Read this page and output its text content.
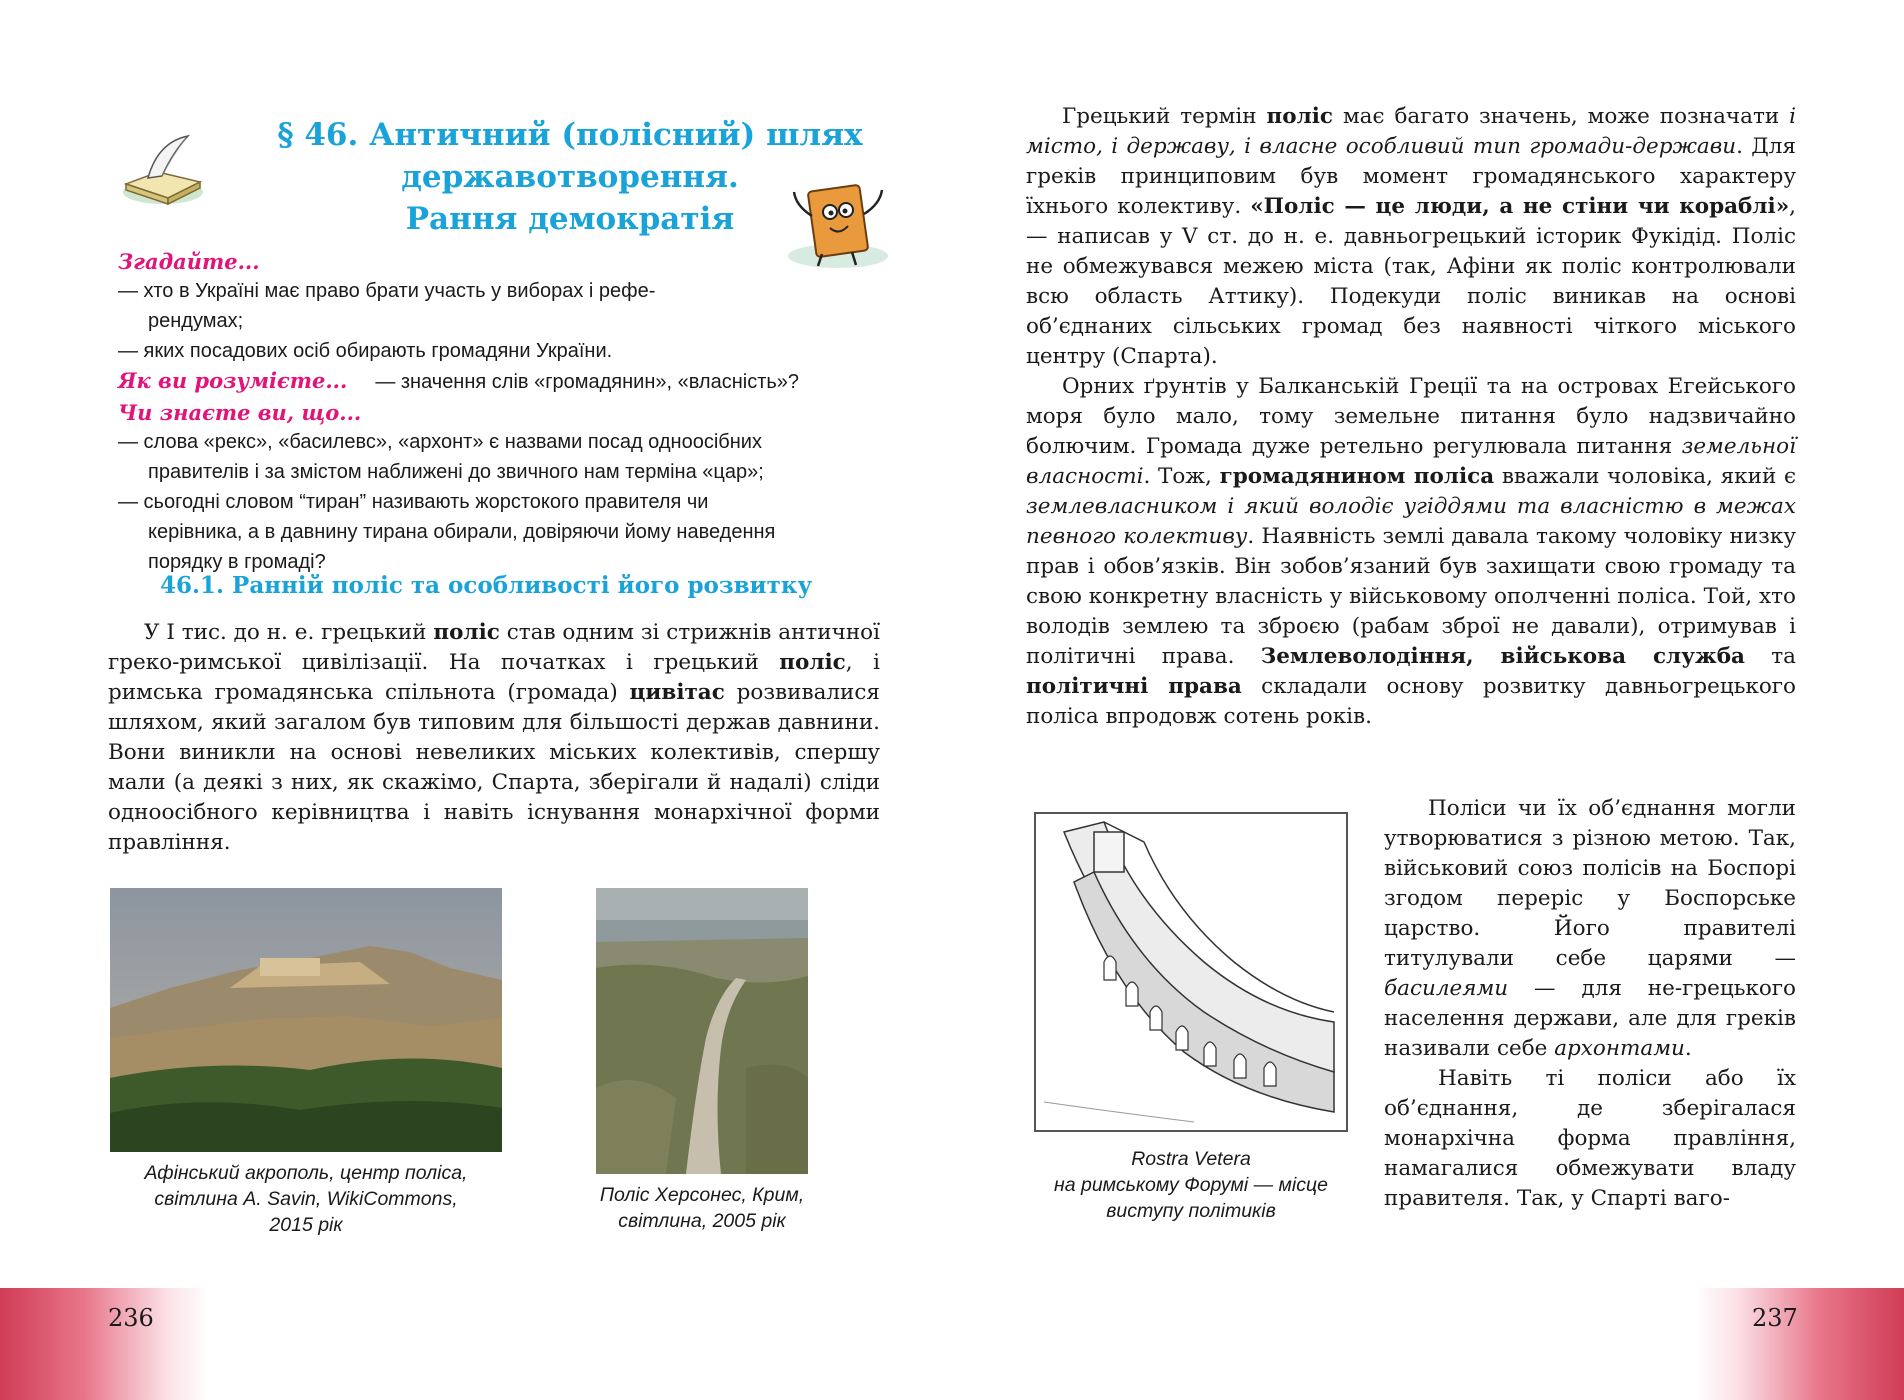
§ 46. Античний (полісний) шлях
державотворення.
Рання демократія
Згадайте...
— хто в Україні має право брати участь у виборах і рефе-
рендумах;
— яких посадових осіб обирають громадяни України.
Як ви розумієте... — значення слів «громадянин», «власність»?
Чи знаєте ви, що...
— слова «рекс», «басилевс», «архонт» є назвами посад одноосібних
правителів і за змістом наближені до звичного нам терміна «цар»;
— сьогодні словом “тиран” називають жорстокого правителя чи
керівника, а в давнину тирана обирали, довіряючи йому наведення
порядку в громаді?
46.1. Ранній поліс та особливості його розвитку

У І тис. до н. е. грецький поліс став одним зі стрижнів античної греко-римської цивілізації. На початках і грецький поліс, і римська громадянська спільнота (громада) цивітас розвивалися шляхом, який загалом був типовим для більшості держав давнини. Вони виникли на основі невеликих міських колективів, спершу мали (а деякі з них, як скажімо, Спарта, зберігали й надалі) сліди одноосібного керівництва і навіть існування монархічної форми правління.

Афінський акрополь, центр поліса,
світлина A. Savin, WikiCommons,
2015 рік
Поліс Херсонес, Крим,
світлина, 2005 рік
236

Грецький термін поліс має багато значень, може позначати і місто, і державу, і власне особливий тип громади-держави. Для греків принциповим був момент громадянського характеру їхнього колективу. «Поліс — це люди, а не стіни чи кораблі», — написав у V ст. до н. е. давньогрецький історик Фукідід. Поліс не обмежувався межею міста (так, Афіни як поліс контролювали всю область Аттику). Подекуди поліс виникав на основі об’єднаних сільських громад без наявності чіткого міського центру (Спарта).

Орних ґрунтів у Балканській Греції та на островах Егейського моря було мало, тому земельне питання було надзвичайно болючим. Громада дуже ретельно регулювала питання земельної власності. Тож, громадянином поліса вважали чоловіка, який є землевласником і який володіє угіддями та власністю в межах певного колективу. Наявність землі давала такому чоловіку низку прав і обов’язків. Він зобов’язаний був захищати свою громаду та свою конкретну власність у військовому ополченні поліса. Той, хто володів землею та зброєю (рабам зброї не давали), отримував і політичні права. Землеволодіння, військова служба та політичні права складали основу розвитку давньогрецького поліса впродовж сотень років.

Rostra Vetera
на римському Форумі — місце
виступу політиків

Поліси чи їх об’єднання могли утворюватися з різною метою. Так, військовий союз полісів на Боспорі згодом переріс у Боспорське царство. Його правителі титулували себе царями — басилеями — для не-грецького населення держави, але для греків називали себе архонтами.

Навіть ті поліси або їх об’єднання, де зберігалася монархічна форма правління, намагалися обмежувати владу правителя. Так, у Спарті ваго-

237
